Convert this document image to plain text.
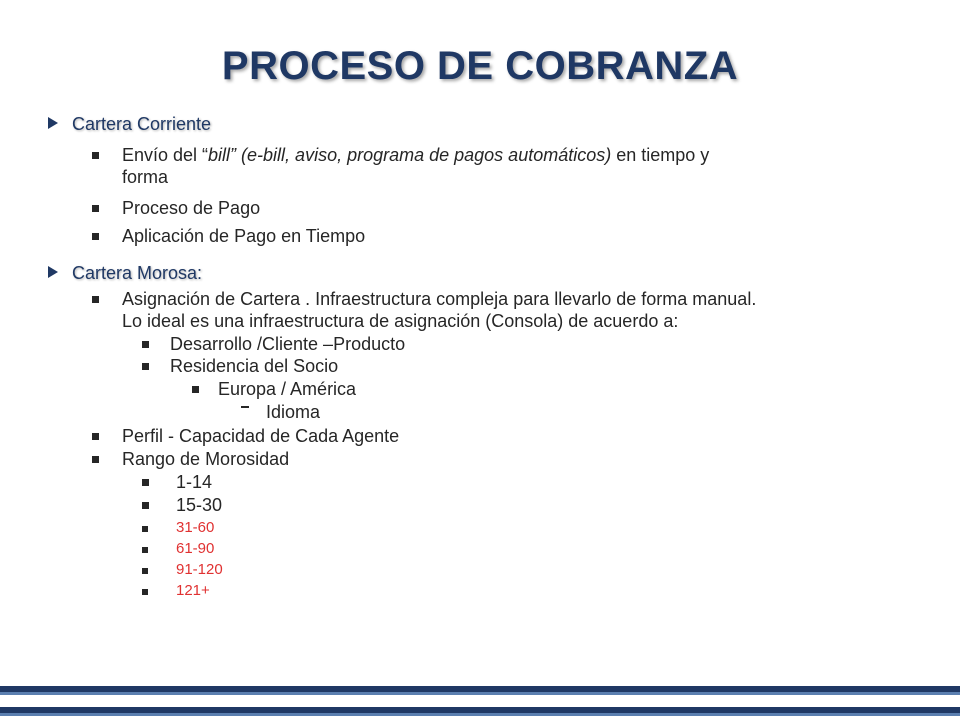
PROCESO DE COBRANZA
Cartera Corriente
Envío del “bill” (e-bill, aviso, programa de pagos automáticos) en tiempo y
forma
Proceso de Pago
Aplicación de Pago en Tiempo
Cartera Morosa:
Asignación de Cartera . Infraestructura compleja para llevarlo de forma manual.
Lo ideal es una infraestructura de asignación (Consola) de acuerdo a:
Desarrollo /Cliente –Producto
Residencia del Socio
Europa / América
Idioma
Perfil - Capacidad de Cada Agente
Rango de Morosidad
1-14
15-30
31-60
61-90
91-120
121+
